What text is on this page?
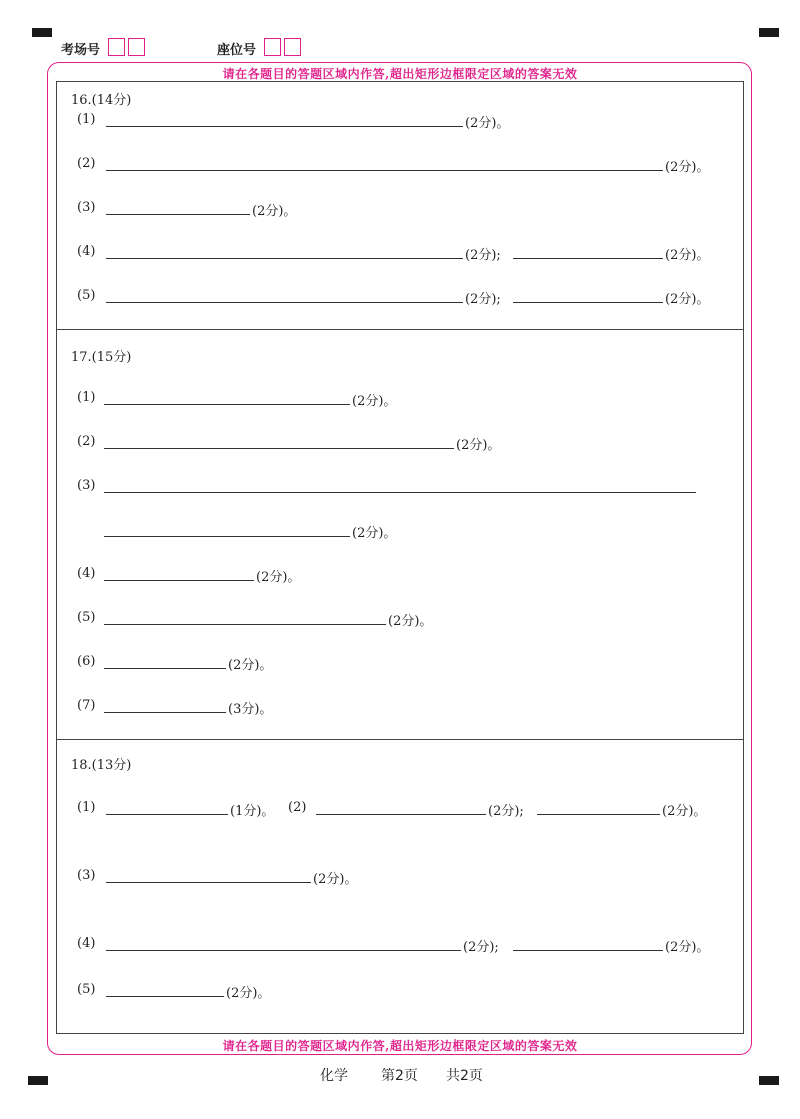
考场号	座位号
请在各题目的答题区域内作答,超出矩形边框限定区域的答案无效
请在各题目的答题区域内作答,超出矩形边框限定区域的答案无效
16.(14分)
(1)	(2分)。
(2)	(2分)。
(3)	(2分)。
(4)	(2分);	(2分)。
(5)	(2分);	(2分)。
17.(15分)
(1)	(2分)。
(2)	(2分)。
(3)
(2分)。
(4)	(2分)。
(5)	(2分)。
(6)	(2分)。
(7)	(3分)。
18.(13分)
(1)	(1分)。 (2)	(2分);	(2分)。
(3)	(2分)。
(4)	(2分);	(2分)。
(5)	(2分)。
化学 第2页 共2页
